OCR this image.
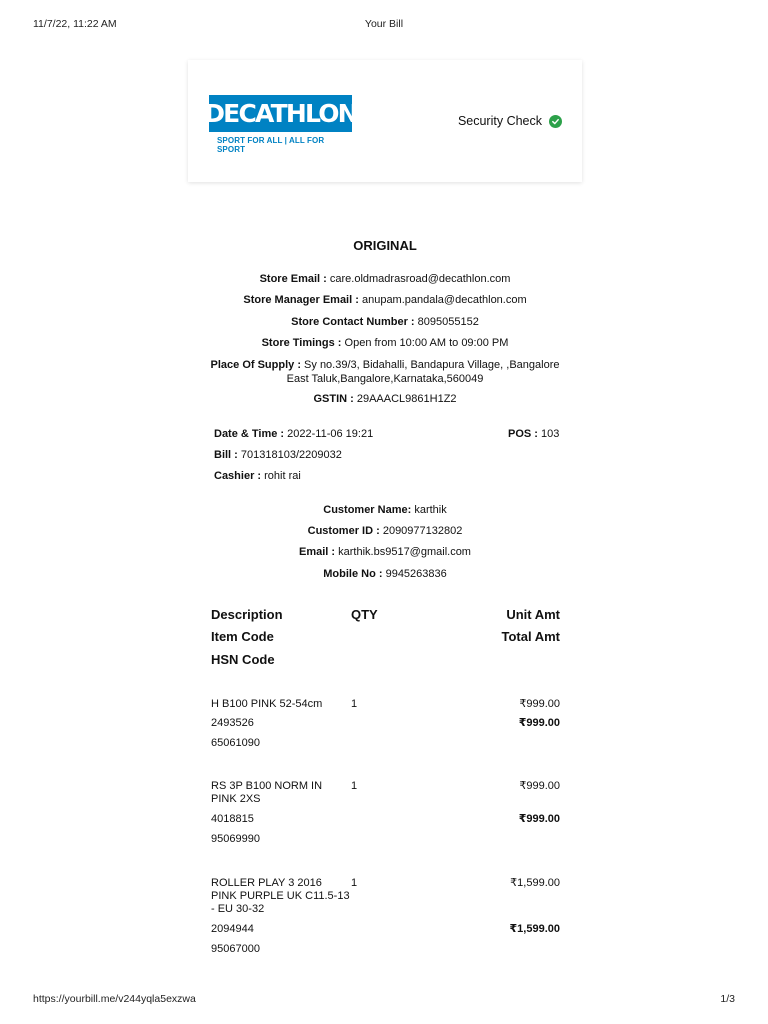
11/7/22, 11:22 AM	Your Bill
DECATHLON
SPORT FOR ALL | ALL FOR SPORT
Security Check
ORIGINAL
Store Email : care.oldmadrasroad@decathlon.com
Store Manager Email : anupam.pandala@decathlon.com
Store Contact Number : 8095055152
Store Timings : Open from 10:00 AM to 09:00 PM
Place Of Supply : Sy no.39/3, Bidahalli, Bandapura Village, ,Bangalore
East Taluk,Bangalore,Karnataka,560049
GSTIN : 29AAACL9861H1Z2
Date & Time : 2022-11-06 19:21	POS : 103
Bill : 701318103/2209032
Cashier : rohit rai
Customer Name: karthik
Customer ID : 2090977132802
Email : karthik.bs9517@gmail.com
Mobile No : 9945263836
Description	QTY	Unit Amt
Item Code	Total Amt
HSN Code
H B100 PINK 52-54cm	1	₹999.00
2493526	₹999.00
65061090
RS 3P B100 NORM IN
PINK 2XS
1	₹999.00
4018815	₹999.00
95069990
ROLLER PLAY 3 2016
PINK PURPLE UK C11.5-13
- EU 30-32
1	₹1,599.00
2094944	₹1,599.00
95067000
https://yourbill.me/v244yqla5exzwa	1/3
